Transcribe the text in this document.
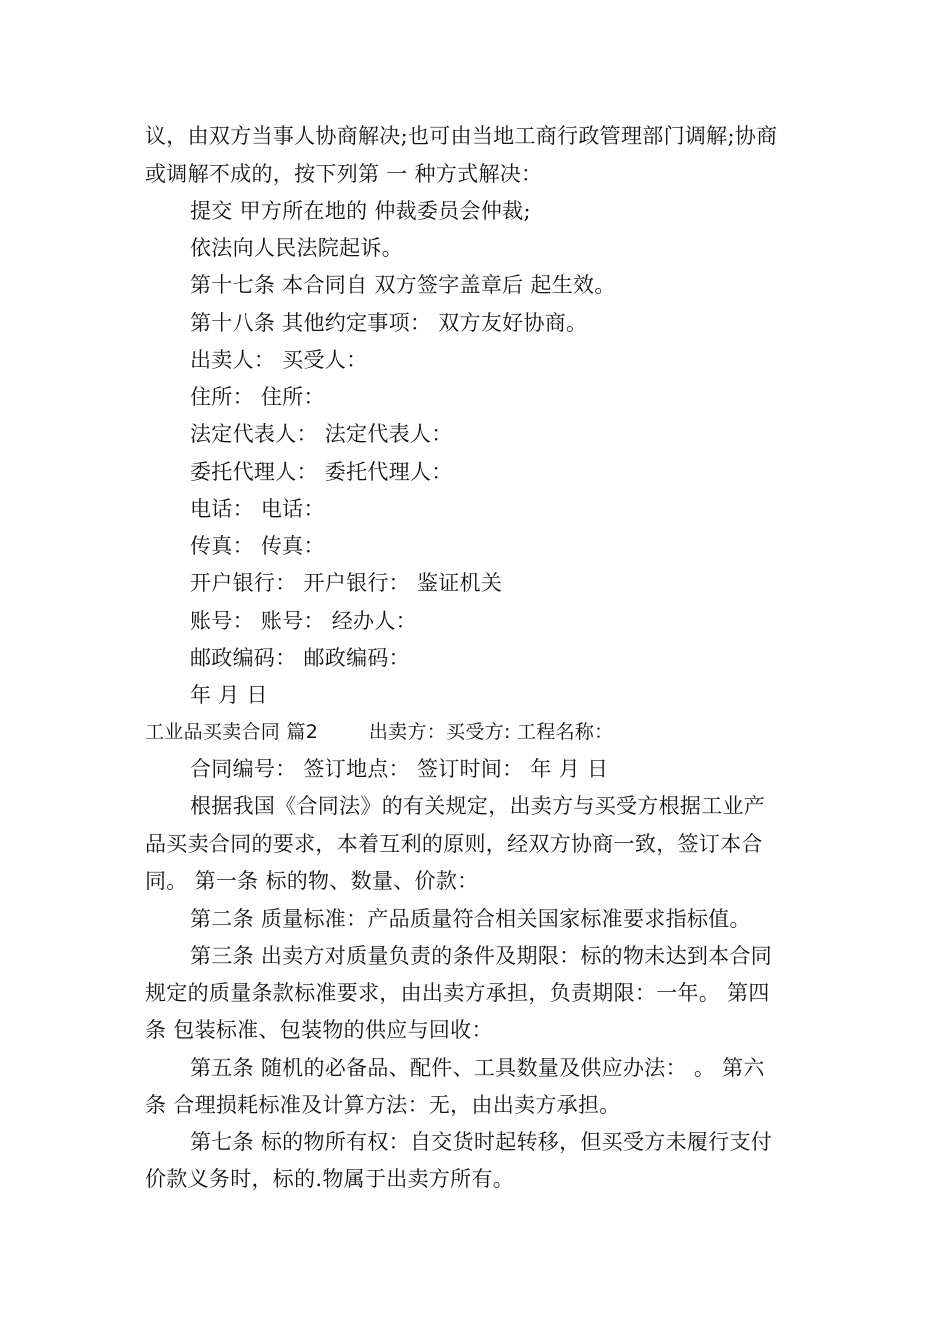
议，由双方当事人协商解决;也可由当地工商行政管理部门调解;协商
或调解不成的，按下列第 一 种方式解决：
提交 甲方所在地的 仲裁委员会仲裁;
依法向人民法院起诉。
第十七条 本合同自 双方签字盖章后 起生效。
第十八条 其他约定事项： 双方友好协商。
出卖人： 买受人：
住所： 住所：
法定代表人： 法定代表人：
委托代理人： 委托代理人：
电话： 电话：
传真： 传真：
开户银行： 开户银行： 鉴证机关
账号： 账号： 经办人：
邮政编码： 邮政编码：
年 月 日
工业品买卖合同 篇2        出卖方：买受方: 工程名称：
合同编号： 签订地点： 签订时间： 年 月 日
根据我国《合同法》的有关规定，出卖方与买受方根据工业产
品买卖合同的要求，本着互利的原则，经双方协商一致，签订本合
同。 第一条 标的物、数量、价款：
第二条 质量标准：产品质量符合相关国家标准要求指标值。
第三条 出卖方对质量负责的条件及期限：标的物未达到本合同
规定的质量条款标准要求，由出卖方承担，负责期限：一年。 第四
条 包装标准、包装物的供应与回收：
第五条 随机的必备品、配件、工具数量及供应办法： 。 第六
条 合理损耗标准及计算方法：无，由出卖方承担。
第七条 标的物所有权：自交货时起转移，但买受方未履行支付
价款义务时，标的.物属于出卖方所有。
